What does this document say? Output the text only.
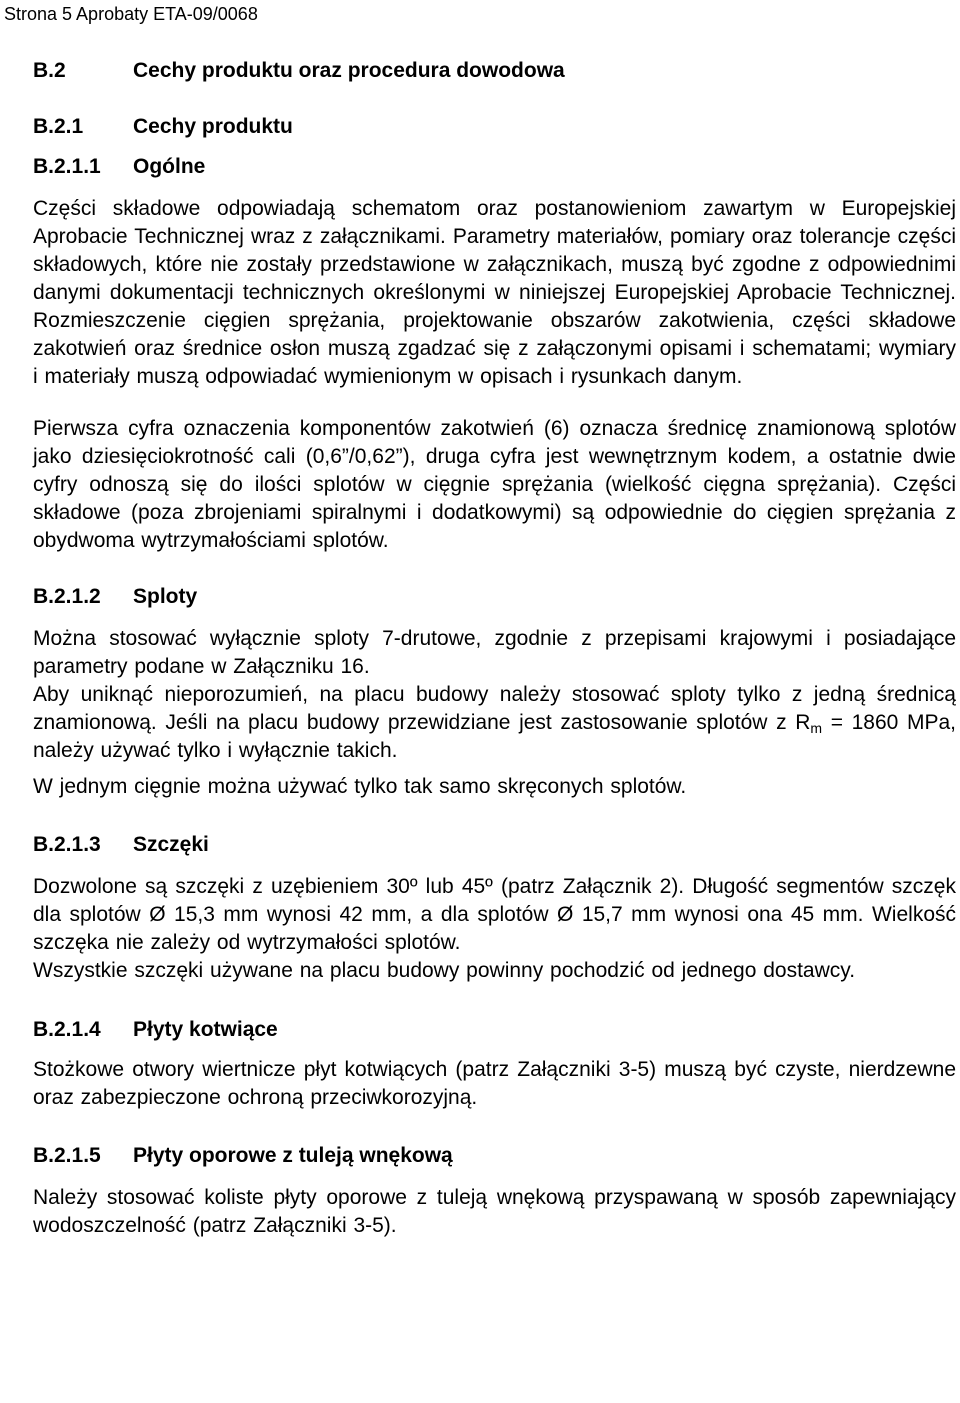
Strona 5 Aprobaty ETA-09/0068
B.2	Cechy produktu oraz procedura dowodowa
B.2.1	Cechy produktu
B.2.1.1	Ogólne

Części składowe odpowiadają schematom oraz postanowieniom zawartym w Europejskiej Aprobacie Technicznej wraz z załącznikami. Parametry materiałów, pomiary oraz tolerancje części składowych, które nie zostały przedstawione w załącznikach, muszą być zgodne z odpowiednimi danymi dokumentacji technicznych określonymi w niniejszej Europejskiej Aprobacie Technicznej. Rozmieszczenie cięgien sprężania, projektowanie obszarów zakotwienia, części składowe zakotwień oraz średnice osłon muszą zgadzać się z załączonymi opisami i schematami; wymiary i materiały muszą odpowiadać wymienionym w opisach i rysunkach danym.

Pierwsza cyfra oznaczenia komponentów zakotwień (6) oznacza średnicę znamionową splotów jako dziesięciokrotność cali (0,6”/0,62”), druga cyfra jest wewnętrznym kodem, a ostatnie dwie cyfry odnoszą się do ilości splotów w cięgnie sprężania (wielkość cięgna sprężania). Części składowe (poza zbrojeniami spiralnymi i dodatkowymi) są odpowiednie do cięgien sprężania z obydwoma wytrzymałościami splotów.

B.2.1.2	Sploty

Można stosować wyłącznie sploty 7-drutowe, zgodnie z przepisami krajowymi i posiadające parametry podane w Załączniku 16.

Aby uniknąć nieporozumień, na placu budowy należy stosować sploty tylko z jedną średnicą znamionową. Jeśli na placu budowy przewidziane jest zastosowanie splotów z $R_m = 1860$ MPa, należy używać tylko i wyłącznie takich.

W jednym cięgnie można używać tylko tak samo skręconych splotów.

B.2.1.3	Szczęki

Dozwolone są szczęki z uzębieniem 30º lub 45º (patrz Załącznik 2). Długość segmentów szczęk dla splotów Ø 15,3 mm wynosi 42 mm, a dla splotów Ø 15,7 mm wynosi ona 45 mm. Wielkość szczęka nie zależy od wytrzymałości splotów.

Wszystkie szczęki używane na placu budowy powinny pochodzić od jednego dostawcy.

B.2.1.4	Płyty kotwiące

Stożkowe otwory wiertnicze płyt kotwiących (patrz Załączniki 3-5) muszą być czyste, nierdzewne oraz zabezpieczone ochroną przeciwkorozyjną.

B.2.1.5	Płyty oporowe z tuleją wnękową

Należy stosować koliste płyty oporowe z tuleją wnękową przyspawaną w sposób zapewniający wodoszczelność (patrz Załączniki 3-5).
